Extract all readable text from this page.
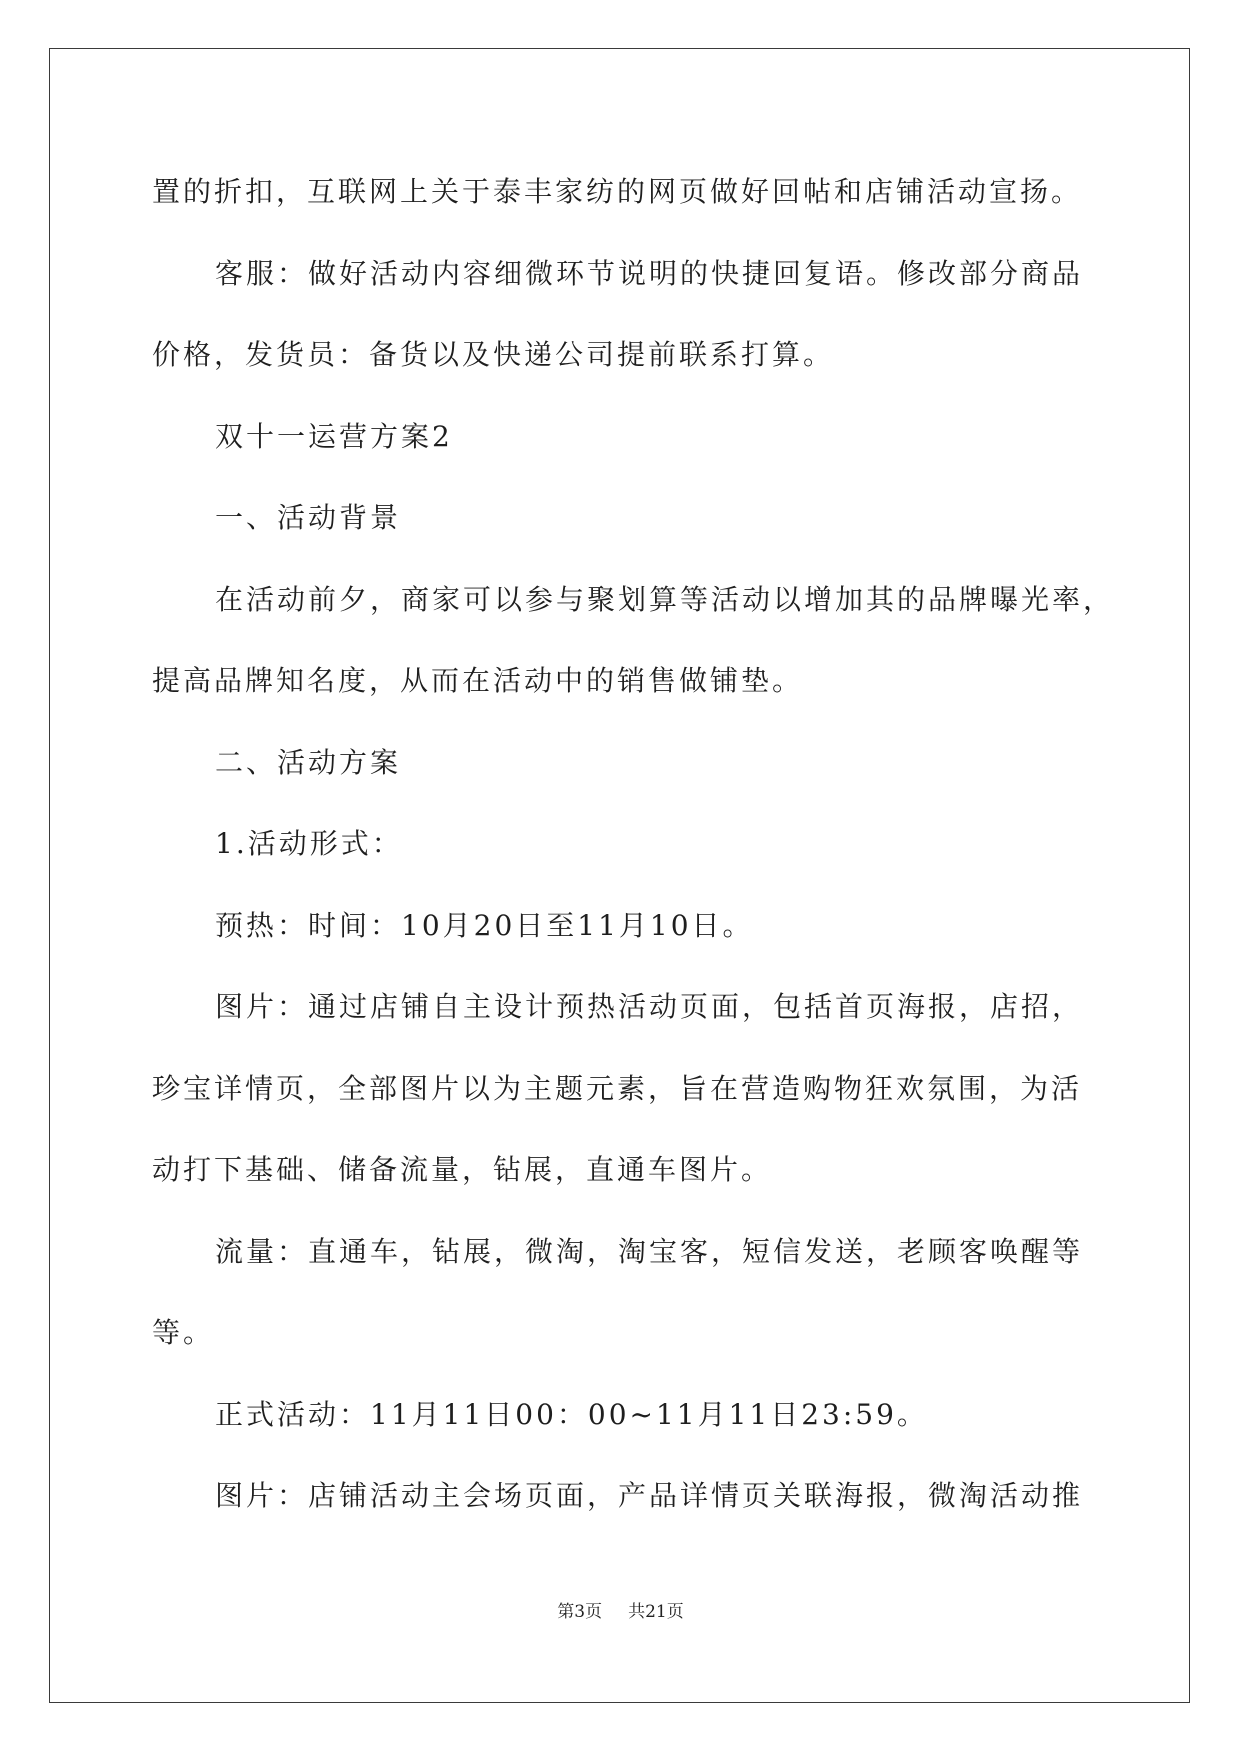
置的折扣，互联网上关于泰丰家纺的网页做好回帖和店铺活动宣扬。
客服：做好活动内容细微环节说明的快捷回复语。修改部分商品
价格，发货员：备货以及快递公司提前联系打算。
双十一运营方案2
一、活动背景
在活动前夕，商家可以参与聚划算等活动以增加其的品牌曝光率，
提高品牌知名度，从而在活动中的销售做铺垫。
二、活动方案
1.活动形式：
预热：时间：10月20日至11月10日。
图片：通过店铺自主设计预热活动页面，包括首页海报，店招，
珍宝详情页，全部图片以为主题元素，旨在营造购物狂欢氛围，为活
动打下基础、储备流量，钻展，直通车图片。
流量：直通车，钻展，微淘，淘宝客，短信发送，老顾客唤醒等
等。
正式活动：11月11日00：00~11月11日23:59。
图片：店铺活动主会场页面，产品详情页关联海报，微淘活动推
第3页 共21页
